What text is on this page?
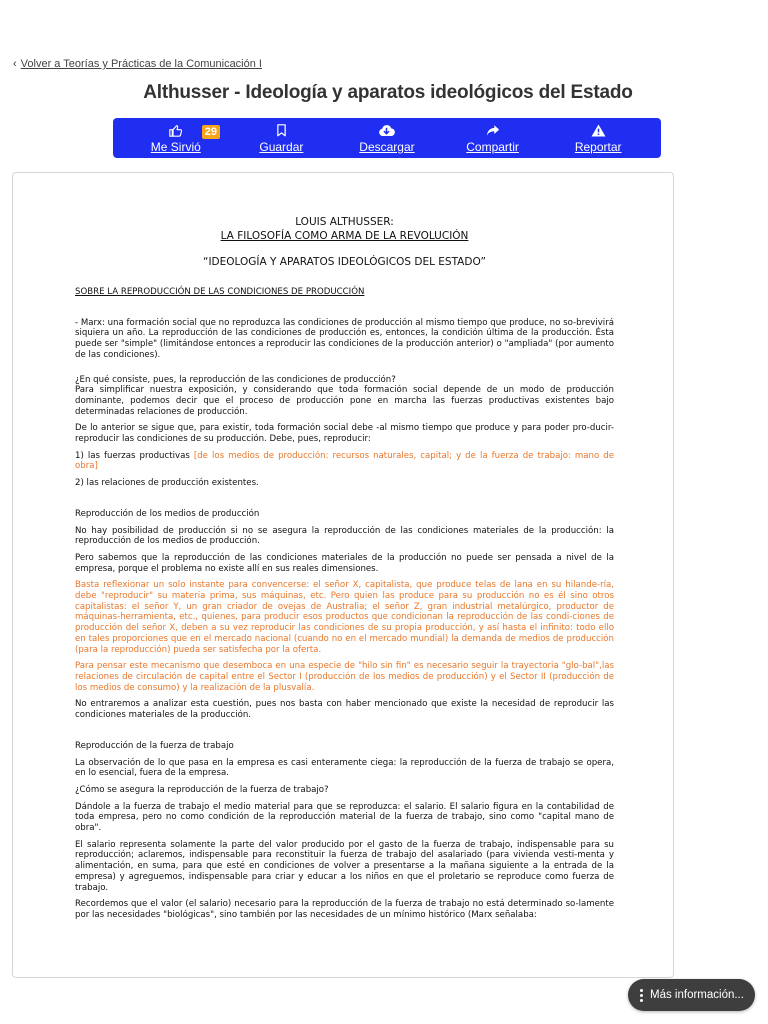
‹ Volver a Teorías y Prácticas de la Comunicación I
Althusser - Ideología y aparatos ideológicos del Estado
Me Sirvió
29
Guardar	Descargar	Compartir	Reportar
LOUIS ALTHUSSER:
LA FILOSOFÍA COMO ARMA DE LA REVOLUCIÓN
“IDEOLOGÍA Y APARATOS IDEOLÓGICOS DEL ESTADO”
SOBRE LA REPRODUCCIÓN DE LAS CONDICIONES DE PRODUCCIÓN
- Marx: una formación social que no reproduzca las condiciones de producción al mismo tiempo que produce, no so-brevivirá siquiera un año. La reproducción de las condiciones de producción es, entonces, la condición última de la producción. Ésta puede ser "simple" (limitándose entonces a reproducir las condiciones de la producción anterior) o "ampliada" (por aumento de las condiciones).
¿En qué consiste, pues, la reproducción de las condiciones de producción?
Para simplificar nuestra exposición, y considerando que toda formación social depende de un modo de producción dominante, podemos decir que el proceso de producción pone en marcha las fuerzas productivas existentes bajo determinadas relaciones de producción.
De lo anterior se sigue que, para existir, toda formación social debe -al mismo tiempo que produce y para poder pro-ducir- reproducir las condiciones de su producción. Debe, pues, reproducir:
1) las fuerzas productivas [de los medios de producción: recursos naturales, capital; y de la fuerza de trabajo: mano de obra]
2) las relaciones de producción existentes.
Reproducción de los medios de producción
No hay posibilidad de producción si no se asegura la reproducción de las condiciones materiales de la producción: la reproducción de los medios de producción.
Pero sabemos que la reproducción de las condiciones materiales de la producción no puede ser pensada a nivel de la empresa, porque el problema no existe allí en sus reales dimensiones.
Basta reflexionar un solo instante para convencerse: el señor X, capitalista, que produce telas de lana en su hilande-ría, debe "reproducir" su materia prima, sus máquinas, etc. Pero quien las produce para su producción no es él sino otros capitalistas: el señor Y, un gran criador de ovejas de Australia; el señor Z, gran industrial metalúrgico, productor de máquinas-herramienta, etc., quienes, para producir esos productos que condicionan la reproducción de las condi-ciones de producción del señor X, deben a su vez reproducir las condiciones de su propia producción, y así hasta el infinito: todo ello en tales proporciones que en el mercado nacional (cuando no en el mercado mundial) la demanda de medios de producción (para la reproducción) pueda ser satisfecha por la oferta.
Para pensar este mecanismo que desemboca en una especie de "hilo sin fin" es necesario seguir la trayectoria "glo-bal",las relaciones de circulación de capital entre el Sector I (producción de los medios de producción) y el Sector II (producción de los medios de consumo) y la realización de la plusvalía.
No entraremos a analizar esta cuestión, pues nos basta con haber mencionado que existe la necesidad de reproducir las condiciones materiales de la producción.
Reproducción de la fuerza de trabajo
La observación de lo que pasa en la empresa es casi enteramente ciega: la reproducción de la fuerza de trabajo se opera, en lo esencial, fuera de la empresa.
¿Cómo se asegura la reproducción de la fuerza de trabajo?
Dándole a la fuerza de trabajo el medio material para que se reproduzca: el salario. El salario figura en la contabilidad de toda empresa, pero no como condición de la reproducción material de la fuerza de trabajo, sino como "capital mano de obra".
El salario representa solamente la parte del valor producido por el gasto de la fuerza de trabajo, indispensable para su reproducción; aclaremos, indispensable para reconstituir la fuerza de trabajo del asalariado (para vivienda vesti-menta y alimentación, en suma, para que esté en condiciones de volver a presentarse a la mañana siguiente a la entrada de la empresa) y agreguemos, indispensable para criar y educar a los niños en que el proletario se reproduce como fuerza de trabajo.
Recordemos que el valor (el salario) necesario para la reproducción de la fuerza de trabajo no está determinado so-lamente por las necesidades "biológicas", sino también por las necesidades de un mínimo histórico (Marx señalaba:
Más información...
